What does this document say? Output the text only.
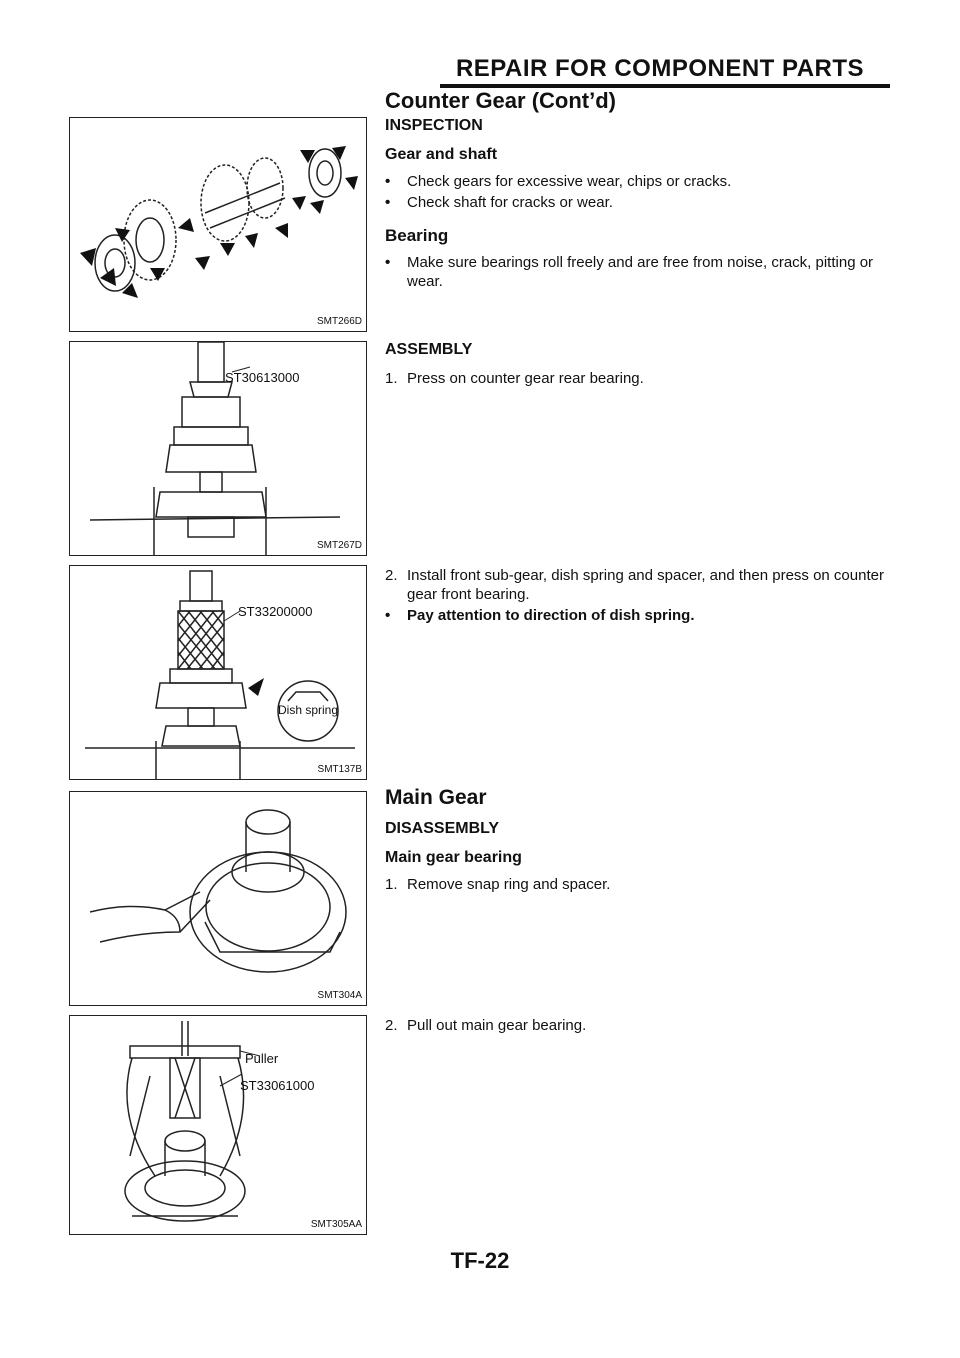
REPAIR FOR COMPONENT PARTS
Counter Gear (Cont’d)
SMT266D
ST30613000
SMT267D
ST33200000
Dish spring
SMT137B
SMT304A
Puller
ST33061000
SMT305AA
INSPECTION
Gear and shaft
•	Check gears for excessive wear, chips or cracks.
•	Check shaft for cracks or wear.
Bearing
•	Make sure bearings roll freely and are free from noise, crack, pitting or wear.
ASSEMBLY
1. Press on counter gear rear bearing.
2. Install front sub-gear, dish spring and spacer, and then press on counter gear front bearing.
•	Pay attention to direction of dish spring.
Main Gear
DISASSEMBLY
Main gear bearing
1. Remove snap ring and spacer.
2. Pull out main gear bearing.
TF-22
